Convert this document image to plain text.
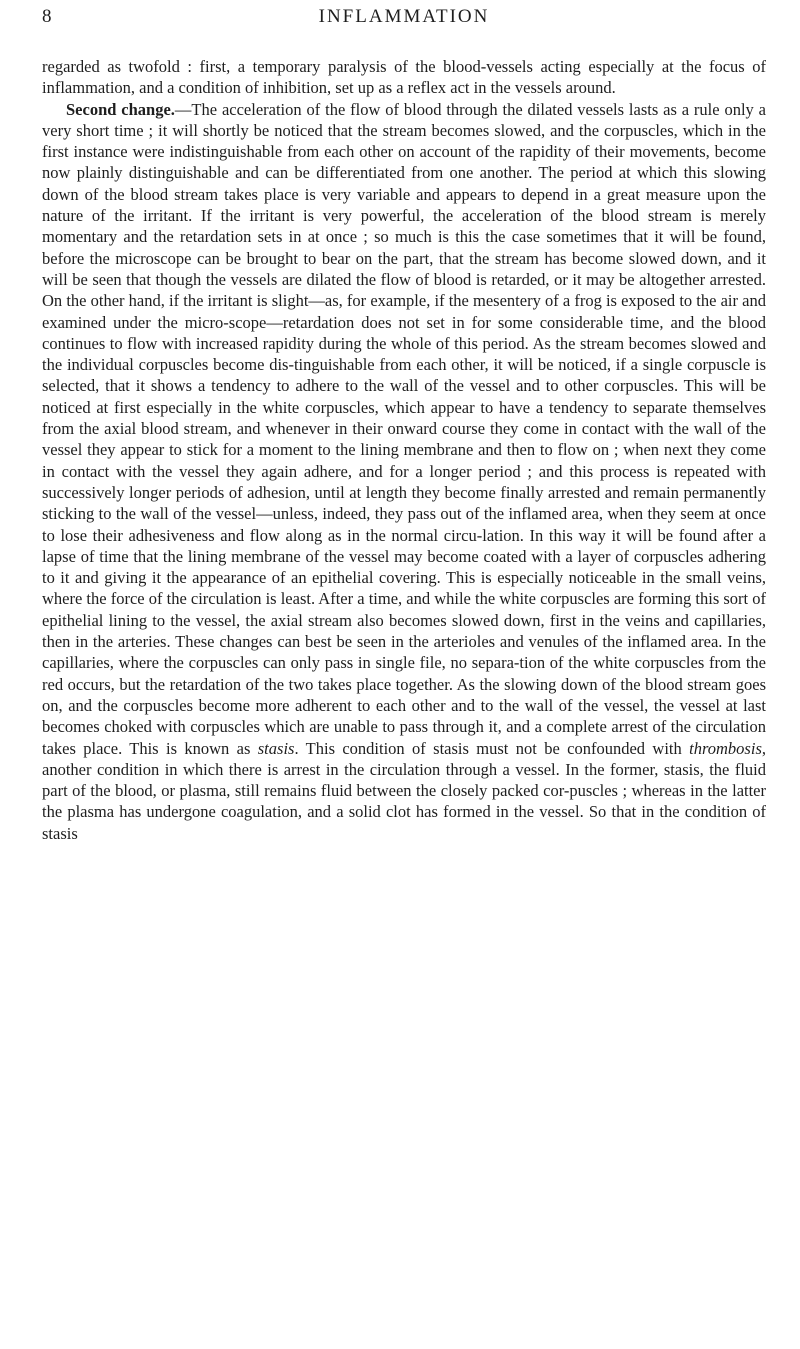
8	INFLAMMATION

regarded as twofold : first, a temporary paralysis of the blood-vessels acting especially at the focus of inflammation, and a condition of inhibition, set up as a reflex act in the vessels around.

Second change.—The acceleration of the flow of blood through the dilated vessels lasts as a rule only a very short time ; it will shortly be noticed that the stream becomes slowed, and the corpuscles, which in the first instance were indistinguishable from each other on account of the rapidity of their movements, become now plainly distinguishable and can be differentiated from one another. The period at which this slowing down of the blood stream takes place is very variable and appears to depend in a great measure upon the nature of the irritant. If the irritant is very powerful, the acceleration of the blood stream is merely momentary and the retardation sets in at once ; so much is this the case sometimes that it will be found, before the microscope can be brought to bear on the part, that the stream has become slowed down, and it will be seen that though the vessels are dilated the flow of blood is retarded, or it may be altogether arrested. On the other hand, if the irritant is slight—as, for example, if the mesentery of a frog is exposed to the air and examined under the micro-scope—retardation does not set in for some considerable time, and the blood continues to flow with increased rapidity during the whole of this period. As the stream becomes slowed and the individual corpuscles become dis-tinguishable from each other, it will be noticed, if a single corpuscle is selected, that it shows a tendency to adhere to the wall of the vessel and to other corpuscles. This will be noticed at first especially in the white corpuscles, which appear to have a tendency to separate themselves from the axial blood stream, and whenever in their onward course they come in contact with the wall of the vessel they appear to stick for a moment to the lining membrane and then to flow on ; when next they come in contact with the vessel they again adhere, and for a longer period ; and this process is repeated with successively longer periods of adhesion, until at length they become finally arrested and remain permanently sticking to the wall of the vessel—unless, indeed, they pass out of the inflamed area, when they seem at once to lose their adhesiveness and flow along as in the normal circu-lation. In this way it will be found after a lapse of time that the lining membrane of the vessel may become coated with a layer of corpuscles adhering to it and giving it the appearance of an epithelial covering. This is especially noticeable in the small veins, where the force of the circulation is least. After a time, and while the white corpuscles are forming this sort of epithelial lining to the vessel, the axial stream also becomes slowed down, first in the veins and capillaries, then in the arteries. These changes can best be seen in the arterioles and venules of the inflamed area. In the capillaries, where the corpuscles can only pass in single file, no separa-tion of the white corpuscles from the red occurs, but the retardation of the two takes place together. As the slowing down of the blood stream goes on, and the corpuscles become more adherent to each other and to the wall of the vessel, the vessel at last becomes choked with corpuscles which are unable to pass through it, and a complete arrest of the circulation takes place. This is known as stasis. This condition of stasis must not be confounded with thrombosis, another condition in which there is arrest in the circulation through a vessel. In the former, stasis, the fluid part of the blood, or plasma, still remains fluid between the closely packed cor-puscles ; whereas in the latter the plasma has undergone coagulation, and a solid clot has formed in the vessel. So that in the condition of stasis
